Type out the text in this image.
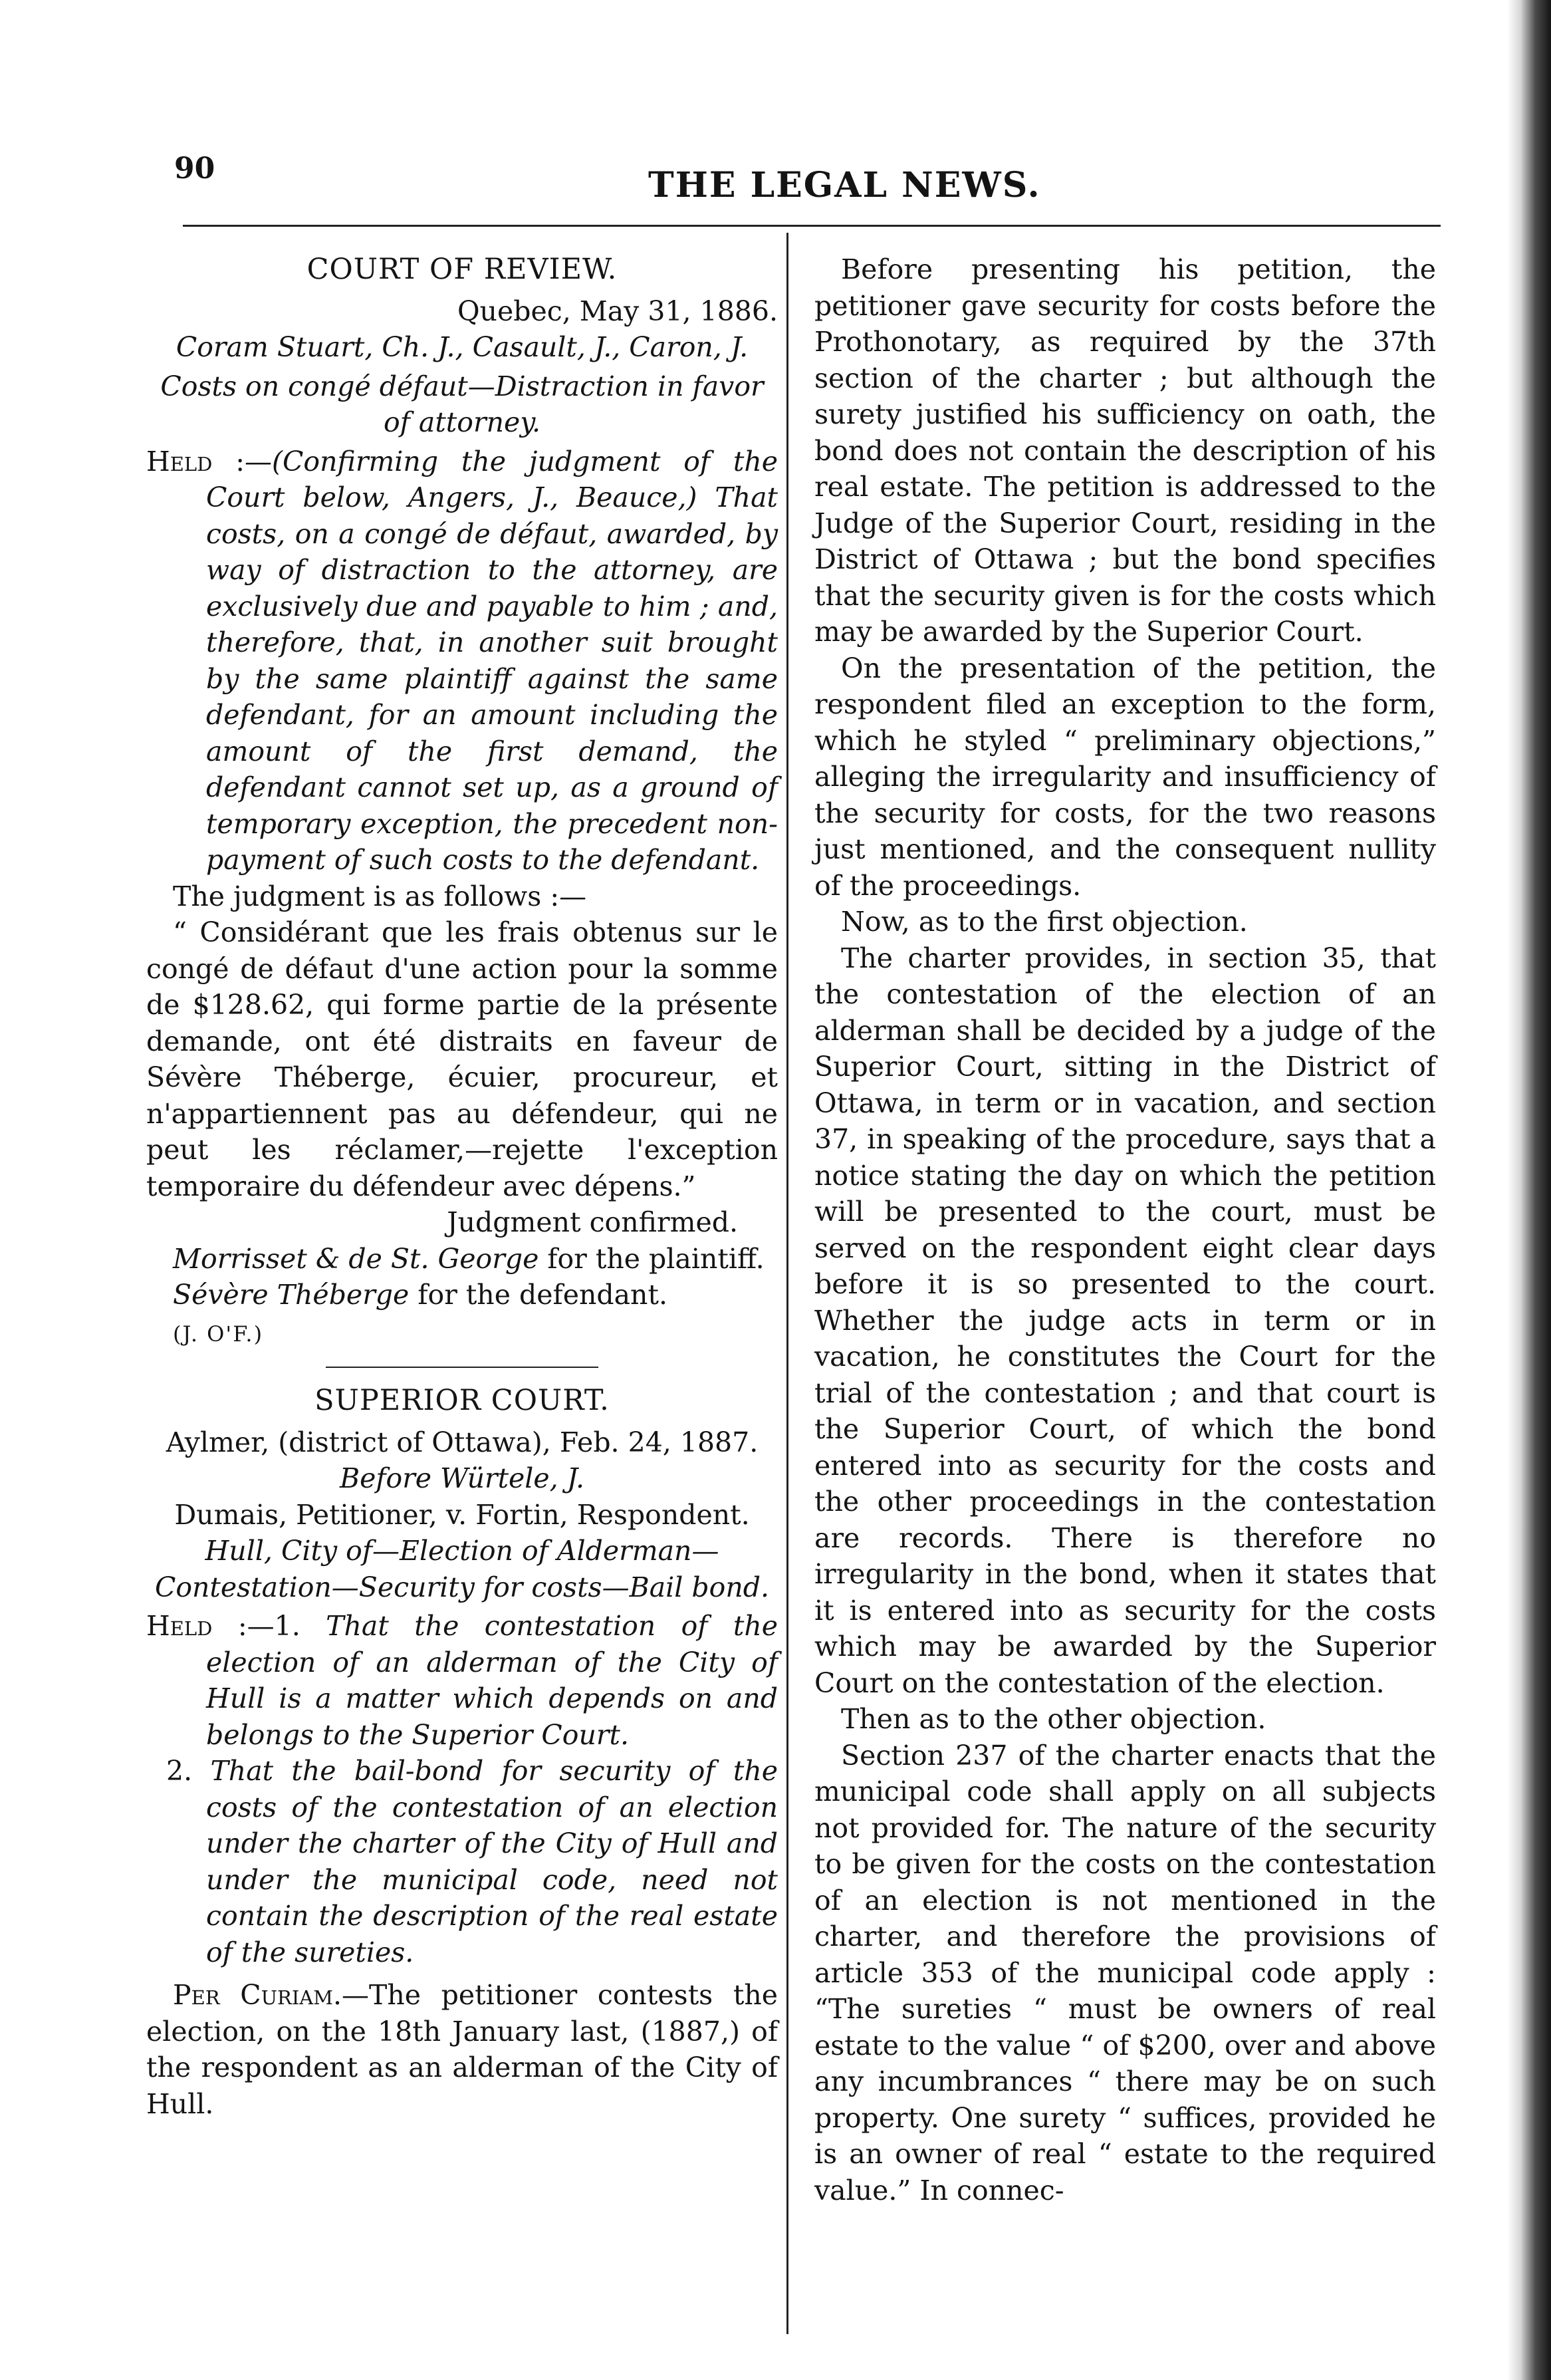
90	THE LEGAL NEWS.
COURT OF REVIEW.
Quebec, May 31, 1886.
Coram Stuart, Ch. J., Casault, J., Caron, J.
Costs on congé défaut—Distraction in favor of attorney.
Held :—(Confirming the judgment of the Court below, Angers, J., Beauce,) That costs, on a congé de défaut, awarded, by way of distraction to the attorney, are exclusively due and payable to him ; and, therefore, that, in another suit brought by the same plaintiff against the same defendant, for an amount including the amount of the first demand, the defendant cannot set up, as a ground of temporary exception, the precedent non-payment of such costs to the defendant.

The judgment is as follows :—

“ Considérant que les frais obtenus sur le congé de défaut d'une action pour la somme de $128.62, qui forme partie de la présente demande, ont été distraits en faveur de Sévère Théberge, écuier, procureur, et n'appartiennent pas au défendeur, qui ne peut les réclamer,—rejette l'exception temporaire du défendeur avec dépens.”

Judgment confirmed.
Morrisset & de St. George for the plaintiff.
Sévère Théberge for the defendant.
(J. O'F.)
SUPERIOR COURT.
Aylmer, (district of Ottawa), Feb. 24, 1887.
Before Würtele, J.
Dumais, Petitioner, v. Fortin, Respondent.
Hull, City of—Election of Alderman—Contestation—Security for costs—Bail bond.
Held :—1. That the contestation of the election of an alderman of the City of Hull is a matter which depends on and belongs to the Superior Court.
2. That the bail-bond for security of the costs of the contestation of an election under the charter of the City of Hull and under the municipal code, need not contain the description of the real estate of the sureties.

Per Curiam.—The petitioner contests the election, on the 18th January last, (1887,) of the respondent as an alderman of the City of Hull.

Before presenting his petition, the petitioner gave security for costs before the Prothonotary, as required by the 37th section of the charter ; but although the surety justified his sufficiency on oath, the bond does not contain the description of his real estate. The petition is addressed to the Judge of the Superior Court, residing in the District of Ottawa ; but the bond specifies that the security given is for the costs which may be awarded by the Superior Court.

On the presentation of the petition, the respondent filed an exception to the form, which he styled “ preliminary objections,” alleging the irregularity and insufficiency of the security for costs, for the two reasons just mentioned, and the consequent nullity of the proceedings.

Now, as to the first objection.

The charter provides, in section 35, that the contestation of the election of an alderman shall be decided by a judge of the Superior Court, sitting in the District of Ottawa, in term or in vacation, and section 37, in speaking of the procedure, says that a notice stating the day on which the petition will be presented to the court, must be served on the respondent eight clear days before it is so presented to the court. Whether the judge acts in term or in vacation, he constitutes the Court for the trial of the contestation ; and that court is the Superior Court, of which the bond entered into as security for the costs and the other proceedings in the contestation are records. There is therefore no irregularity in the bond, when it states that it is entered into as security for the costs which may be awarded by the Superior Court on the contestation of the election.

Then as to the other objection.

Section 237 of the charter enacts that the municipal code shall apply on all subjects not provided for. The nature of the security to be given for the costs on the contestation of an election is not mentioned in the charter, and therefore the provisions of article 353 of the municipal code apply : “The sureties “ must be owners of real estate to the value “ of $200, over and above any incumbrances “ there may be on such property. One surety “ suffices, provided he is an owner of real “ estate to the required value.” In connec-
